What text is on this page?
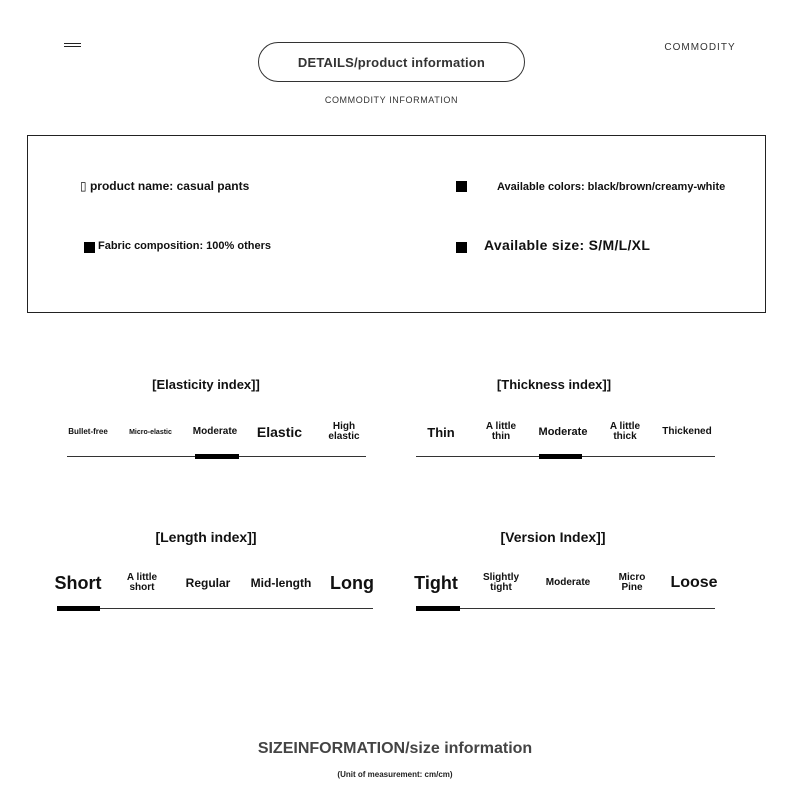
DETAILS/product information
COMMODITY INFORMATION
COMMODITY
▯ product name: casual pants
Fabric composition: 100% others
Available colors: black/brown/creamy-white
Available size: S/M/L/XL
[Elasticity index]]
Bullet-free	Micro-elastic	Moderate	Elastic	High
elastic
[Thickness index]]
Thin	A little
thin	Moderate	A little
thick	Thickened
[Length index]]
Short	A little
short	Regular	Mid-length	Long
[Version Index]]
Tight	Slightly
tight	Moderate	Micro
Pine	Loose
SIZEINFORMATION/size information
(Unit of measurement: cm/cm)
